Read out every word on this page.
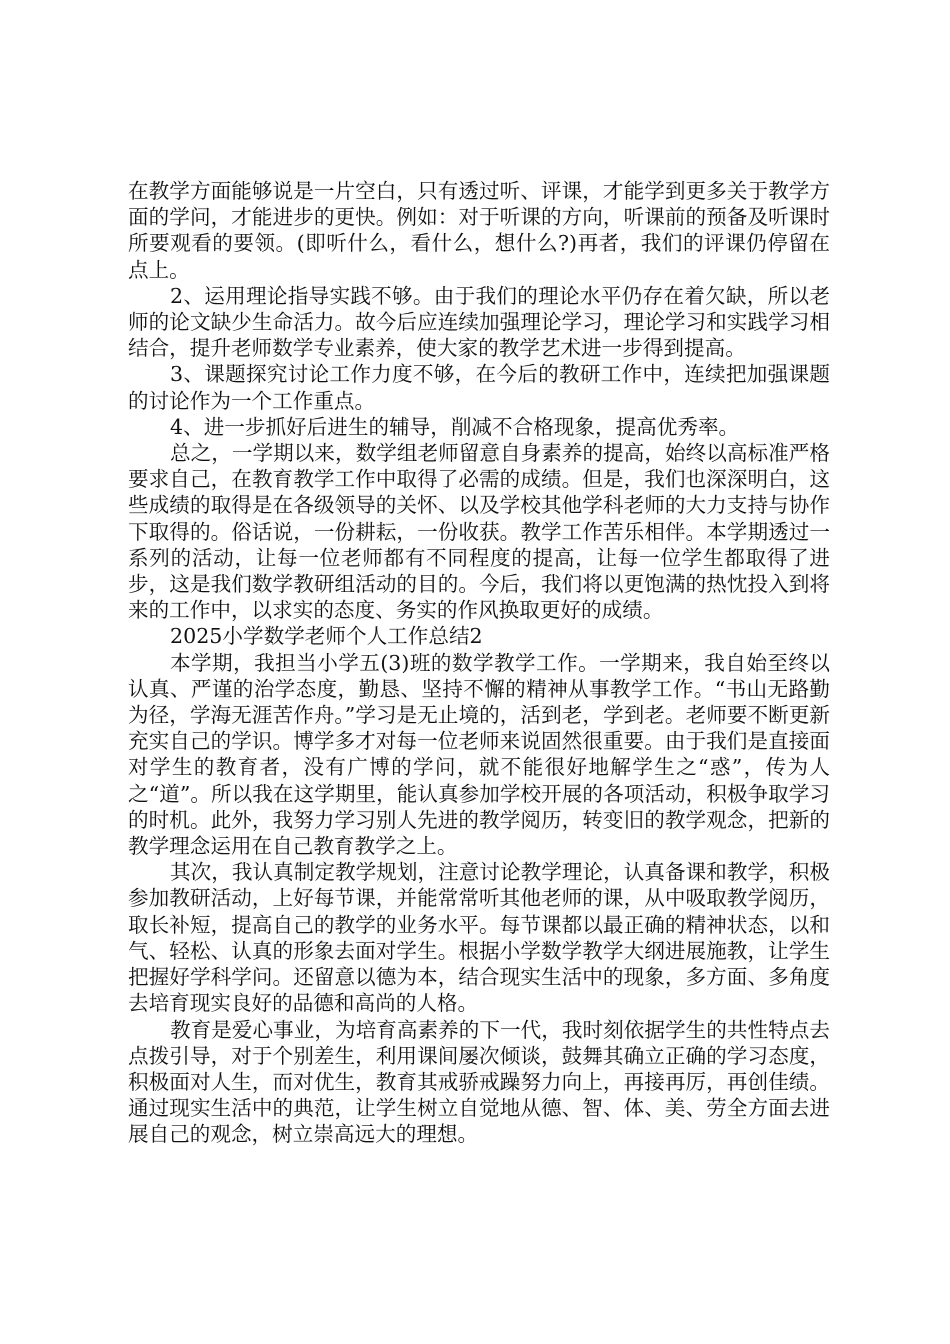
在教学方面能够说是一片空白，只有透过听、评课，才能学到更多关于教学方面的学问，才能进步的更快。例如：对于听课的方向，听课前的预备及听课时所要观看的要领。(即听什么，看什么，想什么?)再者，我们的评课仍停留在点上。

2、运用理论指导实践不够。由于我们的理论水平仍存在着欠缺，所以老师的论文缺少生命活力。故今后应连续加强理论学习，理论学习和实践学习相结合，提升老师数学专业素养，使大家的教学艺术进一步得到提高。

3、课题探究讨论工作力度不够，在今后的教研工作中，连续把加强课题的讨论作为一个工作重点。

4、进一步抓好后进生的辅导，削减不合格现象，提高优秀率。

总之，一学期以来，数学组老师留意自身素养的提高，始终以高标准严格要求自己，在教育教学工作中取得了必需的成绩。但是，我们也深深明白，这些成绩的取得是在各级领导的关怀、以及学校其他学科老师的大力支持与协作下取得的。俗话说，一份耕耘，一份收获。教学工作苦乐相伴。本学期透过一系列的活动，让每一位老师都有不同程度的提高，让每一位学生都取得了进步，这是我们数学教研组活动的目的。今后，我们将以更饱满的热忱投入到将来的工作中，以求实的态度、务实的作风换取更好的成绩。

2025小学数学老师个人工作总结2

本学期，我担当小学五(3)班的数学教学工作。一学期来，我自始至终以认真、严谨的治学态度，勤恳、坚持不懈的精神从事教学工作。“书山无路勤为径，学海无涯苦作舟。”学习是无止境的，活到老，学到老。老师要不断更新充实自己的学识。博学多才对每一位老师来说固然很重要。由于我们是直接面对学生的教育者，没有广博的学问，就不能很好地解学生之“惑”，传为人之“道”。所以我在这学期里，能认真参加学校开展的各项活动，积极争取学习的时机。此外，我努力学习别人先进的教学阅历，转变旧的教学观念，把新的教学理念运用在自己教育教学之上。

其次，我认真制定教学规划，注意讨论教学理论，认真备课和教学，积极参加教研活动，上好每节课，并能常常听其他老师的课，从中吸取教学阅历，取长补短，提高自己的教学的业务水平。每节课都以最正确的精神状态，以和气、轻松、认真的形象去面对学生。根据小学数学教学大纲进展施教，让学生把握好学科学问。还留意以德为本，结合现实生活中的现象，多方面、多角度去培育现实良好的品德和高尚的人格。

教育是爱心事业，为培育高素养的下一代，我时刻依据学生的共性特点去点拨引导，对于个别差生，利用课间屡次倾谈，鼓舞其确立正确的学习态度，积极面对人生，而对优生，教育其戒骄戒躁努力向上，再接再厉，再创佳绩。通过现实生活中的典范，让学生树立自觉地从德、智、体、美、劳全方面去进展自己的观念，树立崇高远大的理想。
